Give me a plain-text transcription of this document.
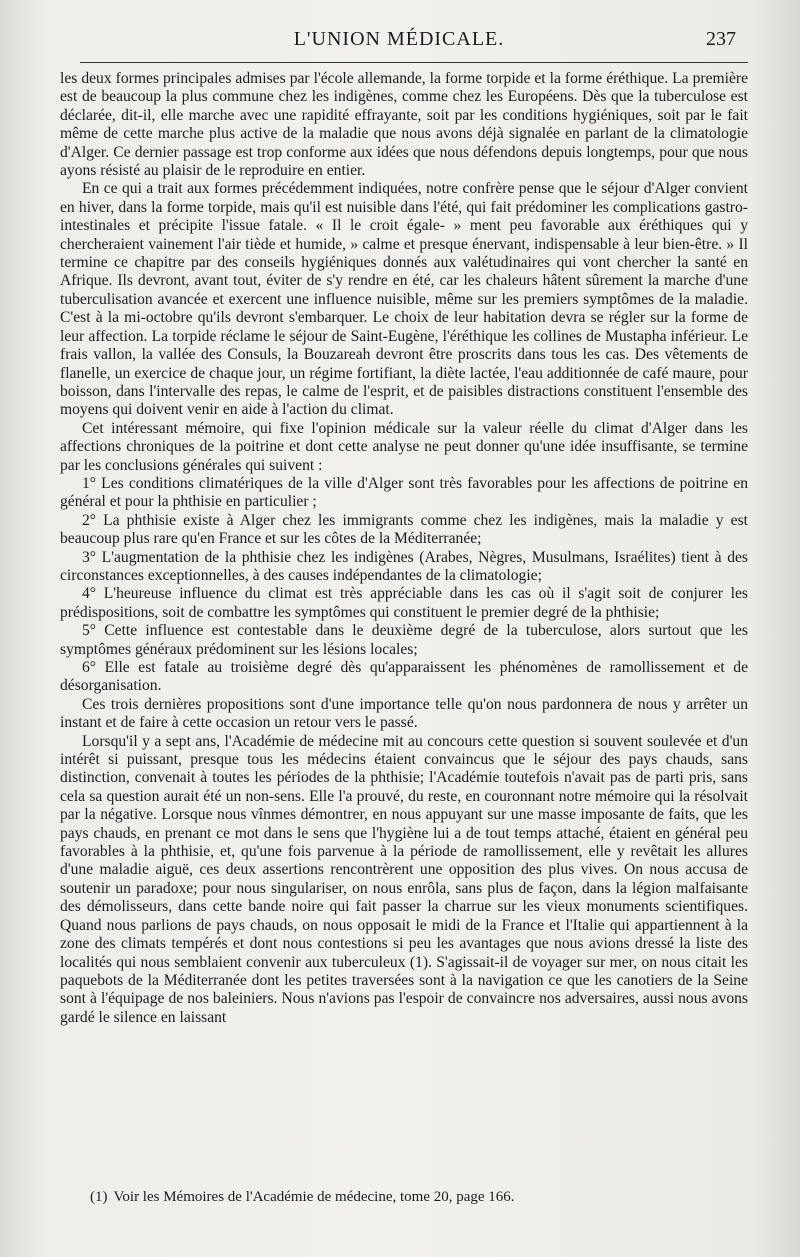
L'UNION MÉDICALE.	237

les deux formes principales admises par l'école allemande, la forme torpide et la forme éréthique. La première est de beaucoup la plus commune chez les indigènes, comme chez les Européens. Dès que la tuberculose est déclarée, dit-il, elle marche avec une rapidité effrayante, soit par les conditions hygiéniques, soit par le fait même de cette marche plus active de la maladie que nous avons déjà signalée en parlant de la climatologie d'Alger. Ce dernier passage est trop conforme aux idées que nous défendons depuis longtemps, pour que nous ayons résisté au plaisir de le reproduire en entier.

En ce qui a trait aux formes précédemment indiquées, notre confrère pense que le séjour d'Alger convient en hiver, dans la forme torpide, mais qu'il est nuisible dans l'été, qui fait prédominer les complications gastro-intestinales et précipite l'issue fatale. « Il le croit égale- » ment peu favorable aux éréthiques qui y chercheraient vainement l'air tiède et humide, » calme et presque énervant, indispensable à leur bien-être. » Il termine ce chapitre par des conseils hygiéniques donnés aux valétudinaires qui vont chercher la santé en Afrique. Ils devront, avant tout, éviter de s'y rendre en été, car les chaleurs hâtent sûrement la marche d'une tuberculisation avancée et exercent une influence nuisible, même sur les premiers symptômes de la maladie. C'est à la mi-octobre qu'ils devront s'embarquer. Le choix de leur habitation devra se régler sur la forme de leur affection. La torpide réclame le séjour de Saint-Eugène, l'éréthique les collines de Mustapha inférieur. Le frais vallon, la vallée des Consuls, la Bouzareah devront être proscrits dans tous les cas. Des vêtements de flanelle, un exercice de chaque jour, un régime fortifiant, la diète lactée, l'eau additionnée de café maure, pour boisson, dans l'intervalle des repas, le calme de l'esprit, et de paisibles distractions constituent l'ensemble des moyens qui doivent venir en aide à l'action du climat.

Cet intéressant mémoire, qui fixe l'opinion médicale sur la valeur réelle du climat d'Alger dans les affections chroniques de la poitrine et dont cette analyse ne peut donner qu'une idée insuffisante, se termine par les conclusions générales qui suivent :

1° Les conditions climatériques de la ville d'Alger sont très favorables pour les affections de poitrine en général et pour la phthisie en particulier ;

2° La phthisie existe à Alger chez les immigrants comme chez les indigènes, mais la maladie y est beaucoup plus rare qu'en France et sur les côtes de la Méditerranée;

3° L'augmentation de la phthisie chez les indigènes (Arabes, Nègres, Musulmans, Israélites) tient à des circonstances exceptionnelles, à des causes indépendantes de la climatologie;

4° L'heureuse influence du climat est très appréciable dans les cas où il s'agit soit de conjurer les prédispositions, soit de combattre les symptômes qui constituent le premier degré de la phthisie;

5° Cette influence est contestable dans le deuxième degré de la tuberculose, alors surtout que les symptômes généraux prédominent sur les lésions locales;

6° Elle est fatale au troisième degré dès qu'apparaissent les phénomènes de ramollissement et de désorganisation.

Ces trois dernières propositions sont d'une importance telle qu'on nous pardonnera de nous y arrêter un instant et de faire à cette occasion un retour vers le passé.

Lorsqu'il y a sept ans, l'Académie de médecine mit au concours cette question si souvent soulevée et d'un intérêt si puissant, presque tous les médecins étaient convaincus que le séjour des pays chauds, sans distinction, convenait à toutes les périodes de la phthisie; l'Académie toutefois n'avait pas de parti pris, sans cela sa question aurait été un non-sens. Elle l'a prouvé, du reste, en couronnant notre mémoire qui la résolvait par la négative. Lorsque nous vînmes démontrer, en nous appuyant sur une masse imposante de faits, que les pays chauds, en prenant ce mot dans le sens que l'hygiène lui a de tout temps attaché, étaient en général peu favorables à la phthisie, et, qu'une fois parvenue à la période de ramollissement, elle y revêtait les allures d'une maladie aiguë, ces deux assertions rencontrèrent une opposition des plus vives. On nous accusa de soutenir un paradoxe; pour nous singulariser, on nous enrôla, sans plus de façon, dans la légion malfaisante des démolisseurs, dans cette bande noire qui fait passer la charrue sur les vieux monuments scientifiques. Quand nous parlions de pays chauds, on nous opposait le midi de la France et l'Italie qui appartiennent à la zone des climats tempérés et dont nous contestions si peu les avantages que nous avions dressé la liste des localités qui nous semblaient convenir aux tuberculeux (1). S'agissait-il de voyager sur mer, on nous citait les paquebots de la Méditerranée dont les petites traversées sont à la navigation ce que les canotiers de la Seine sont à l'équipage de nos baleiniers. Nous n'avions pas l'espoir de convaincre nos adversaires, aussi nous avons gardé le silence en laissant

(1) Voir les Mémoires de l'Académie de médecine, tome 20, page 166.
